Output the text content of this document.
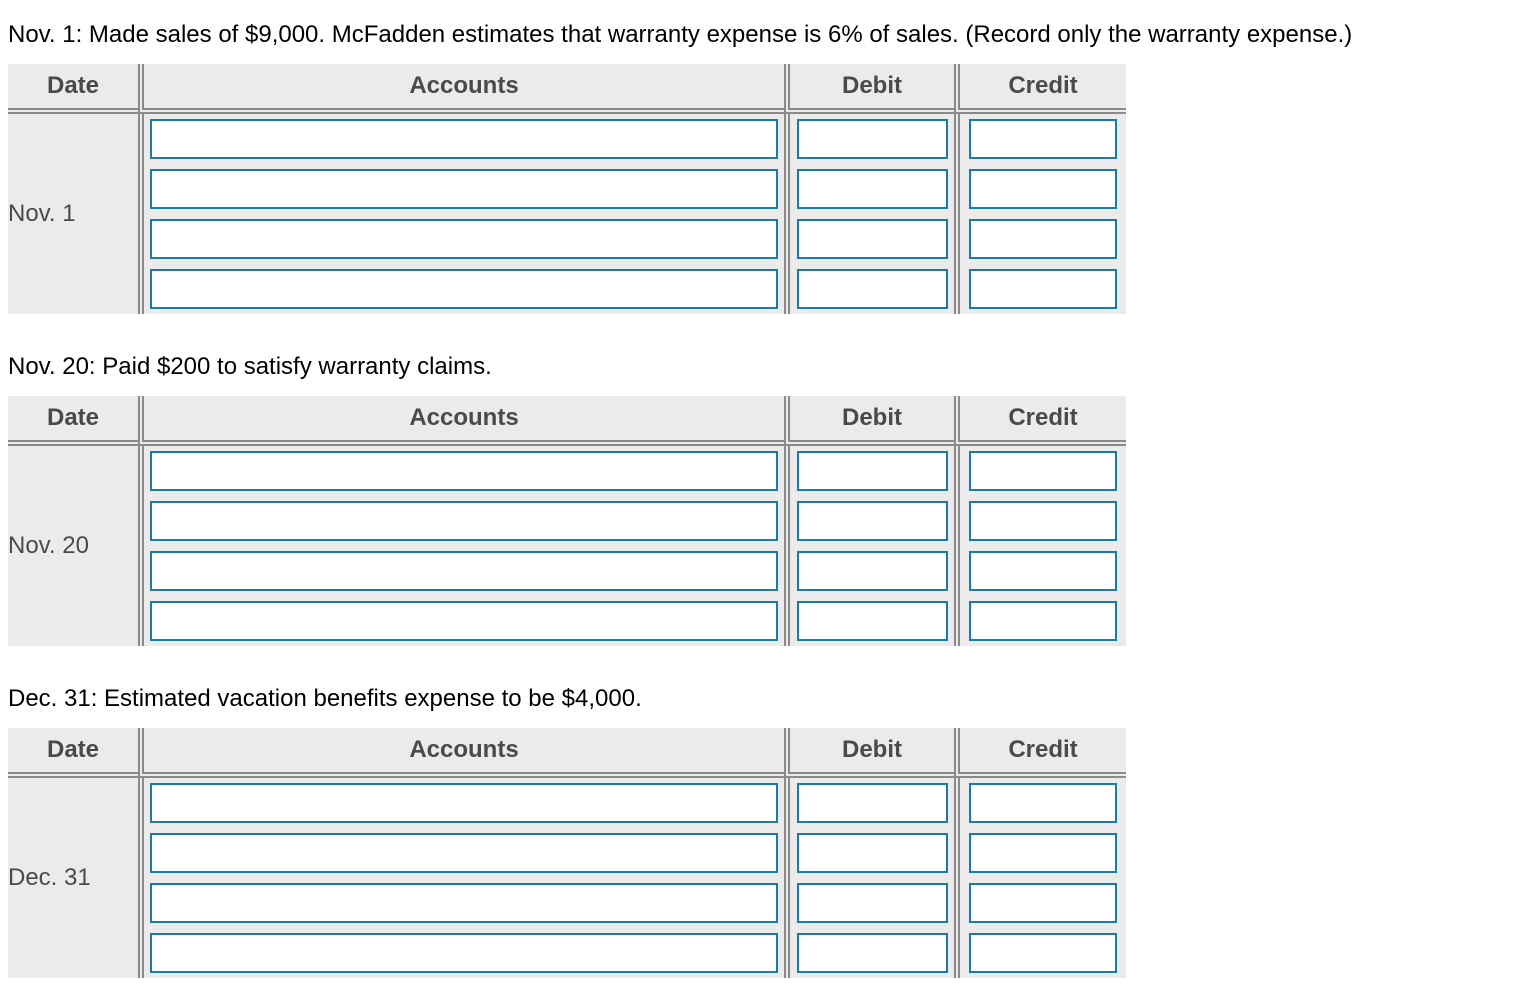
Nov. 1: Made sales of $9,000. McFadden estimates that warranty expense is 6% of sales. (Record only the warranty expense.)

Date	Accounts	Debit	Credit
Nov. 1	

Nov. 20: Paid $200 to satisfy warranty claims.

Date	Accounts	Debit	Credit
Nov. 20	

Dec. 31: Estimated vacation benefits expense to be $4,000.

Date	Accounts	Debit	Credit
Dec. 31	
